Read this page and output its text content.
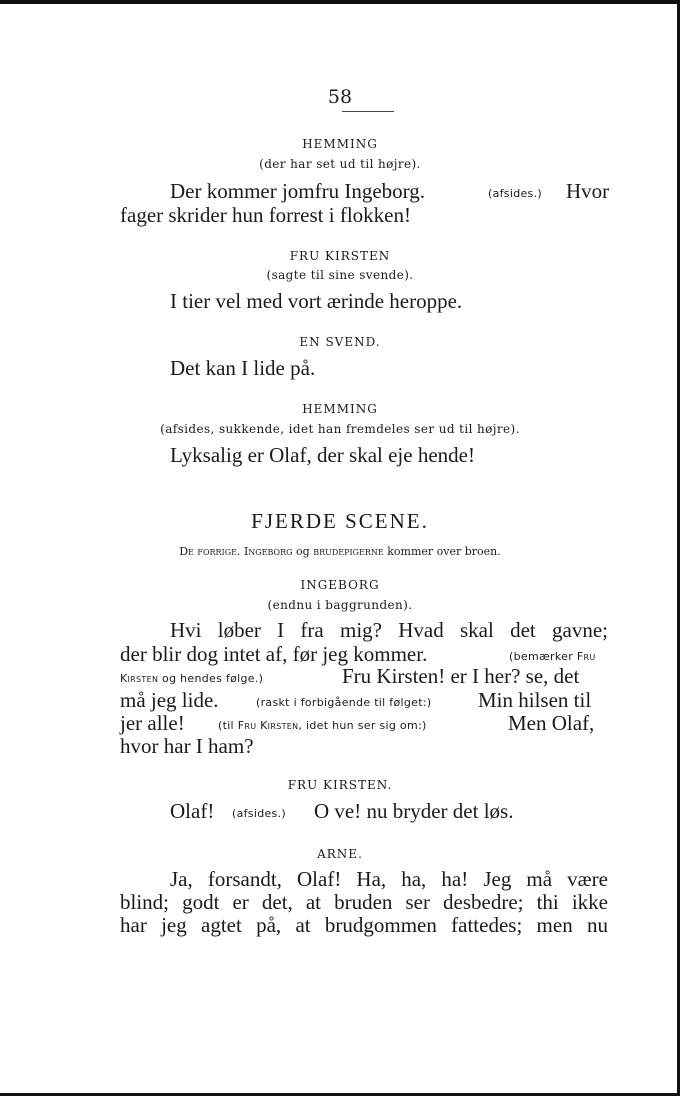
58
HEMMING
(der har set ud til højre).
Der kommer jomfru Ingeborg.	(afsides.) Hvor
fager skrider hun forrest i flokken!
FRU KIRSTEN
(sagte til sine svende).
I tier vel med vort ærinde heroppe.
EN SVEND.
Det kan I lide på.
HEMMING
(afsides, sukkende, idet han fremdeles ser ud til højre).
Lyksalig er Olaf, der skal eje hende!
FJERDE SCENE.
De forrige. Ingeborg og brudepigerne kommer over broen.
INGEBORG
(endnu i baggrunden).
Hvi løber I fra mig? Hvad skal det gavne;
der blir dog intet af, før jeg kommer.	(bemærker Fru
Kirsten og hendes følge.)	Fru Kirsten! er I her? se, det
må jeg lide.	(raskt i forbigående til følget:) Min hilsen til
jer alle!	(til Fru Kirsten, idet hun ser sig om:)	Men Olaf,
hvor har I ham?
FRU KIRSTEN.
Olaf! (afsides.) O ve! nu bryder det løs.
ARNE.
Ja, forsandt, Olaf! Ha, ha, ha! Jeg må være
blind; godt er det, at bruden ser desbedre; thi ikke
har jeg agtet på, at brudgommen fattedes; men nu
